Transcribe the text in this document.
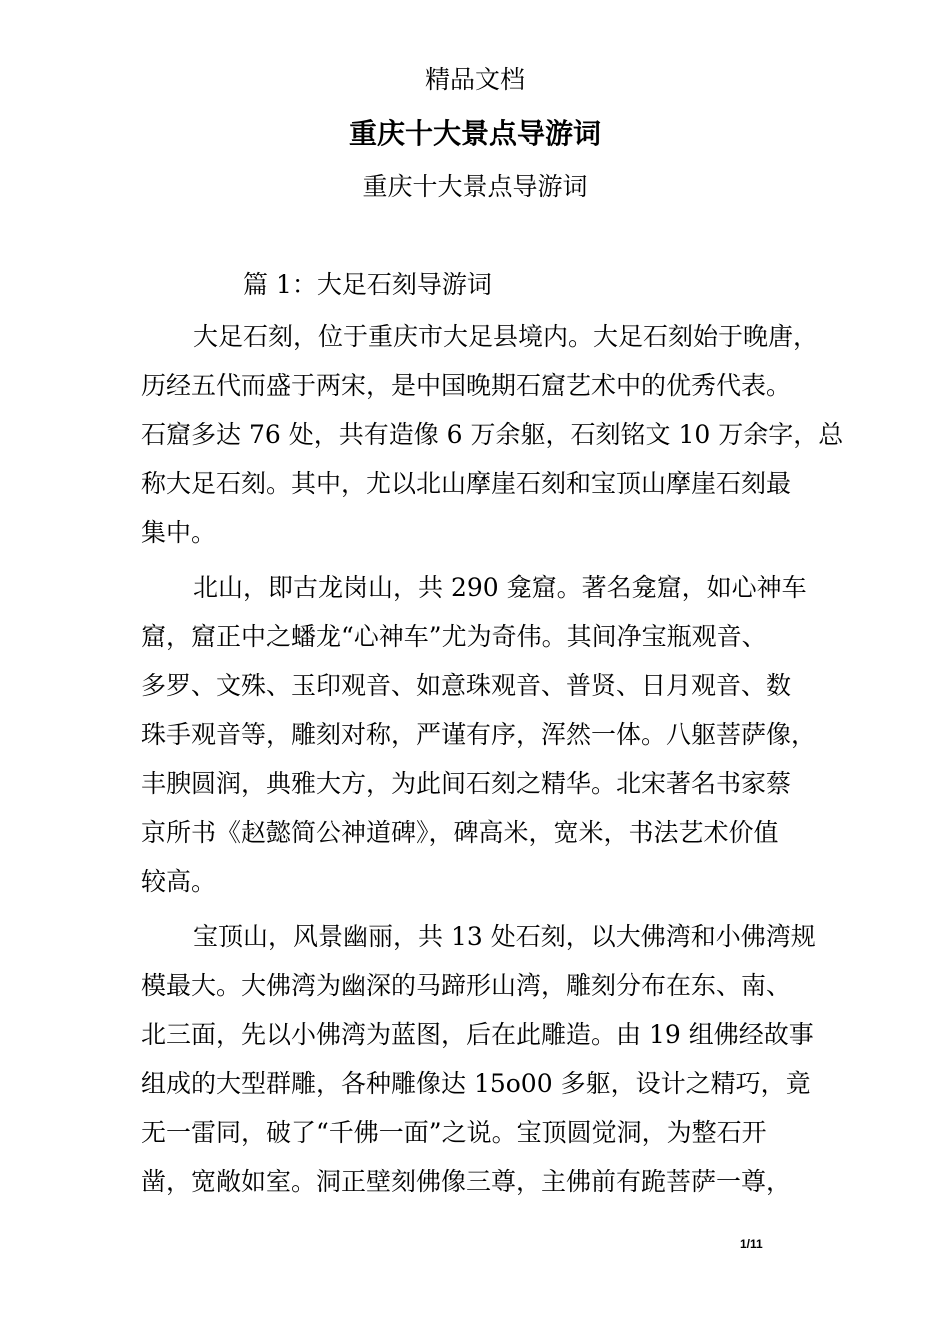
精品文档
重庆十大景点导游词
重庆十大景点导游词
篇 1：大足石刻导游词
大足石刻，位于重庆市大足县境内。大足石刻始于晚唐，
历经五代而盛于两宋，是中国晚期石窟艺术中的优秀代表。
石窟多达 76 处，共有造像 6 万余躯，石刻铭文 10 万余字，总
称大足石刻。其中，尤以北山摩崖石刻和宝顶山摩崖石刻最
集中。
北山，即古龙岗山，共 290 龛窟。著名龛窟，如心神车
窟，窟正中之蟠龙“心神车”尤为奇伟。其间净宝瓶观音、
多罗、文殊、玉印观音、如意珠观音、普贤、日月观音、数
珠手观音等，雕刻对称，严谨有序，浑然一体。八躯菩萨像，
丰腴圆润，典雅大方，为此间石刻之精华。北宋著名书家蔡
京所书《赵懿简公神道碑》，碑高米，宽米，书法艺术价值
较高。
宝顶山，风景幽丽，共 13 处石刻，以大佛湾和小佛湾规
模最大。大佛湾为幽深的马蹄形山湾，雕刻分布在东、南、
北三面，先以小佛湾为蓝图，后在此雕造。由 19 组佛经故事
组成的大型群雕，各种雕像达 15o00 多躯，设计之精巧，竟
无一雷同，破了“千佛一面”之说。宝顶圆觉洞，为整石开
凿，宽敞如室。洞正壁刻佛像三尊，主佛前有跪菩萨一尊，
1/11
